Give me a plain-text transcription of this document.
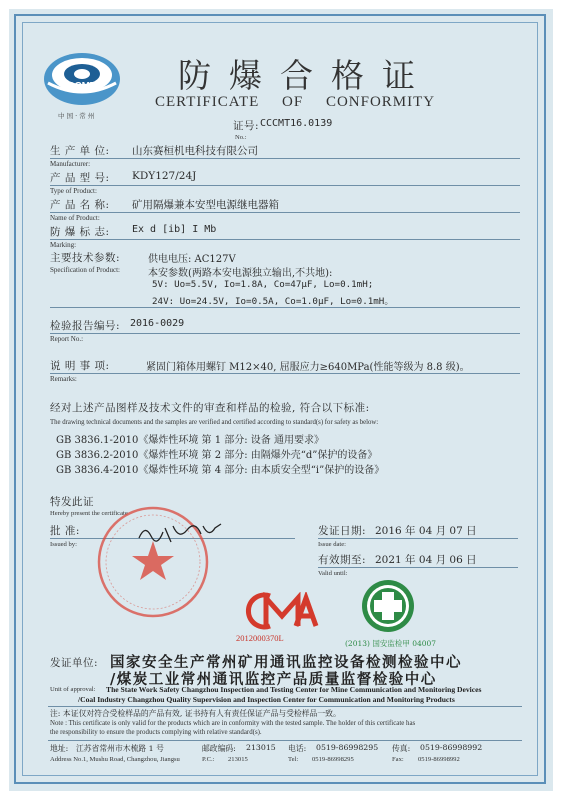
CCCMT
中 国 · 常 州
防爆合格证
CERTIFICATE OF CONFORMITY
证号: CCCMT16.0139
No.:
生 产 单 位: 山东赛桓机电科技有限公司
Manufacturer:
产 品 型 号: KDY127/24J
Type of Product:
产 品 名 称: 矿用隔爆兼本安型电源继电器箱
Name of Product:
防 爆 标 志: Ex d [ib] I Mb
Marking:
主要技术参数:	供电电压: AC127V
Specification of Product:	本安参数(两路本安电源独立输出,不共地):
5V: Uo=5.5V, Io=1.8A, Co=47μF, Lo=0.1mH;
24V: Uo=24.5V, Io=0.5A, Co=1.0μF, Lo=0.1mH。
检验报告编号: 2016-0029
Report No.:
说 明 事 项:	紧固门箱体用螺钉 M12×40, 屈服应力≥640MPa(性能等级为 8.8 级)。
Remarks:
经对上述产品图样及技术文件的审查和样品的检验, 符合以下标准:
The drawing technical documents and the samples are verified and certified according to standard(s) for safety as below:
GB 3836.1-2010《爆炸性环境 第 1 部分: 设备 通用要求》
GB 3836.2-2010《爆炸性环境 第 2 部分: 由隔爆外壳“d”保护的设备》
GB 3836.4-2010《爆炸性环境 第 4 部分: 由本质安全型“i”保护的设备》
特发此证
Hereby present the certificate
批 准:
Issued by:
发证日期: 2016 年 04 月 07 日
Issue date:
有效期至: 2021 年 04 月 06 日
Valid until:
2012000370L
(2013) 国安监检甲 04007
发证单位: 国家安全生产常州矿用通讯监控设备检测检验中心
/煤炭工业常州通讯监控产品质量监督检验中心
Unit of approval: The State Work Safety Changzhou Inspection and Testing Center for Mine Communication and Monitoring Devices
/Coal Industry Changzhou Quality Supervision and Inspection Center for Communication and Monitoring Products
注: 本证仅对符合受检样品的产品有效, 证书持有人有责任保证产品与受检样品一致。
Note : This certificate is only valid for the products which are in conformity with the tested sample. The holder of this certificate has
the responsibility to ensure the products complying with relative standard(s).
地址: 江苏省常州市木梳路 1 号
Address No.1, Mushu Road, Changzhou, Jiangsu
邮政编码: 213015
P.C.: 213015
电话: 0519-86998295
Tel: 0519-86998295
传真: 0519-86998992
Fax: 0519-86998992
